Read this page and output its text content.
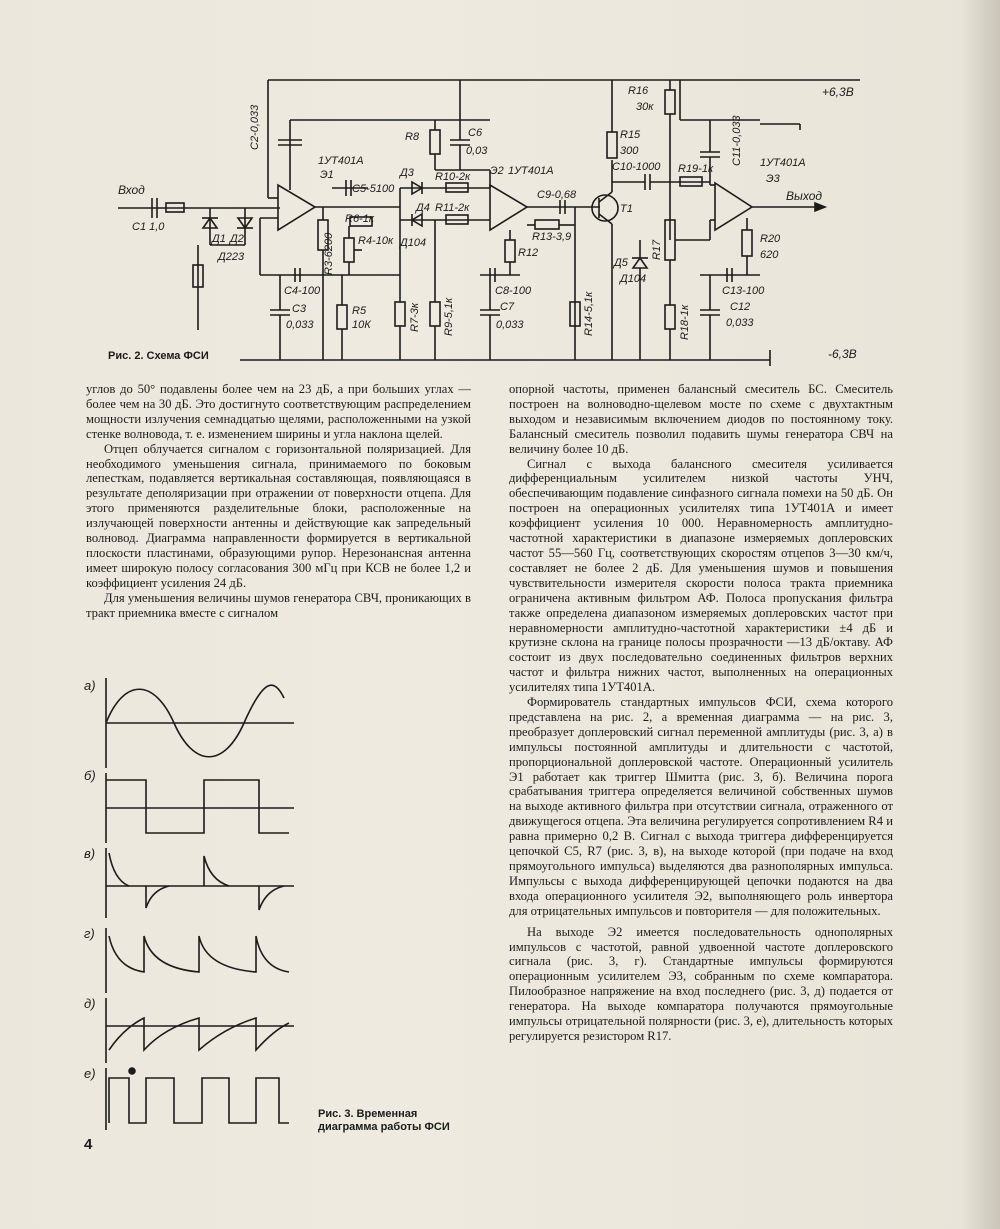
+6,3В
-6,3В
Вход	Выход
С1 1,0
С2-0,033
1УТ401А
Э1
R8	С6
0,03
С5-5100
R10-2к
R11-2к
Д3
Д4
Д104
R6-1к
R4-10к
R3-6200
Д1 Д2
Д223
С4-100
С3
0,033
R5
10К	R7-3к R9-5,1к
Э2 1УТ401А
С9-0,68
R13-3,9
R12
С8-100
С7
0,033	R14-5,1к
Т1
R16
30к
R15
300
С10-1000 R19-1к
С11-0,033 1УТ401А
Э3
Д5
Д104
R17
R18-1к
R20
620
С13-100
С12
0,033
Рис. 2. Схема ФСИ

углов до 50° подавлены более чем на 23 дБ, а при больших углах — более чем на 30 дБ. Это достигнуто соответствующим распределением мощности излучения семнадцатью щелями, расположенными на узкой стенке волновода, т. е. изменением ширины и угла наклона щелей.

Отцеп облучается сигналом с горизонтальной поляризацией. Для необходимого уменьшения сигнала, принимаемого по боковым лепесткам, подавляется вертикальная составляющая, появляющаяся в результате деполяризации при отражении от поверхности отцепа. Для этого применяются разделительные блоки, расположенные на излучающей поверхности антенны и действующие как запредельный волновод. Диаграмма направленности формируется в вертикальной плоскости пластинами, образующими рупор. Нерезонансная антенна имеет широкую полосу согласования 300 мГц при КСВ не более 1,2 и коэффициент усиления 24 дБ.

Для уменьшения величины шумов генератора СВЧ, проникающих в тракт приемника вместе с сигналом

опорной частоты, применен балансный смеситель БС. Смеситель построен на волноводно-щелевом мосте по схеме с двухтактным выходом и независимым включением диодов по постоянному току. Балансный смеситель позволил подавить шумы генератора СВЧ на величину более 10 дБ.

Сигнал с выхода балансного смесителя усиливается дифференциальным усилителем низкой частоты УНЧ, обеспечивающим подавление синфазного сигнала помехи на 50 дБ. Он построен на операционных усилителях типа 1УТ401А и имеет коэффициент усиления 10 000. Неравномерность амплитудно-частотной характеристики в диапазоне измеряемых доплеровских частот 55—560 Гц, соответствующих скоростям отцепов 3—30 км/ч, составляет не более 2 дБ. Для уменьшения шумов и повышения чувствительности измерителя скорости полоса тракта приемника ограничена активным фильтром АФ. Полоса пропускания фильтра также определена диапазоном измеряемых доплеровских частот при неравномерности амплитудно-частотной характеристики ±4 дБ и крутизне склона на границе полосы прозрачности —13 дБ/октаву. АФ состоит из двух последовательно соединенных фильтров верхних частот и фильтра нижних частот, выполненных на операционных усилителях типа 1УТ401А.

Формирователь стандартных импульсов ФСИ, схема которого представлена на рис. 2, а временная диаграмма — на рис. 3, преобразует доплеровский сигнал переменной амплитуды (рис. 3, а) в импульсы постоянной амплитуды и длительности с частотой, пропорциональной доплеровской частоте. Операционный усилитель Э1 работает как триггер Шмитта (рис. 3, б). Величина порога срабатывания триггера определяется величиной собственных шумов на выходе активного фильтра при отсутствии сигнала, отраженного от движущегося отцепа. Эта величина регулируется сопротивлением R4 и равна примерно 0,2 В. Сигнал с выхода триггера дифференцируется цепочкой С5, R7 (рис. 3, в), на выходе которой (при подаче на вход прямоугольного импульса) выделяются два разнополярных импульса. Импульсы с выхода дифференцирующей цепочки подаются на два входа операционного усилителя Э2, выполняющего роль инвертора для отрицательных импульсов и повторителя — для положительных.

На выходе Э2 имеется последовательность однополярных импульсов с частотой, равной удвоенной частоте доплеровского сигнала (рис. 3, г). Стандартные импульсы формируются операционным усилителем Э3, собранным по схеме компаратора. Пилообразное напряжение на вход последнего (рис. 3, д) подается от генератора. На выходе компаратора получаются прямоугольные импульсы отрицательной полярности (рис. 3, е), длительность которых регулируется резистором R17.

а)
б)
в)
г)
д)
е)
Рис. 3. Временная диаграмма работы ФСИ
4
